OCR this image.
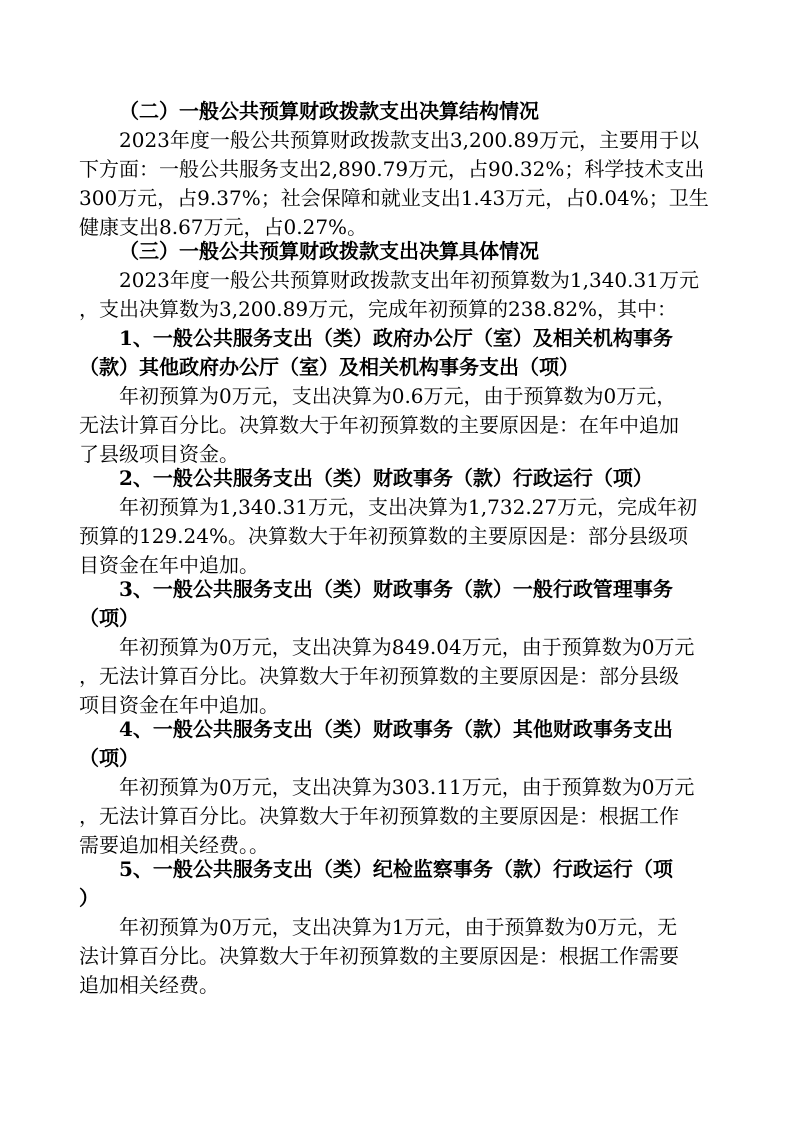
（二）一般公共预算财政拨款支出决算结构情况
2023年度一般公共预算财政拨款支出3,200.89万元，主要用于以
下方面：一般公共服务支出2,890.79万元，占90.32%；科学技术支出
300万元，占9.37%；社会保障和就业支出1.43万元，占0.04%；卫生
健康支出8.67万元，占0.27%。
（三）一般公共预算财政拨款支出决算具体情况
2023年度一般公共预算财政拨款支出年初预算数为1,340.31万元
，支出决算数为3,200.89万元，完成年初预算的238.82%，其中：
1、一般公共服务支出（类）政府办公厅（室）及相关机构事务
（款）其他政府办公厅（室）及相关机构事务支出（项）
年初预算为0万元，支出决算为0.6万元，由于预算数为0万元，
无法计算百分比。决算数大于年初预算数的主要原因是：在年中追加
了县级项目资金。
2、一般公共服务支出（类）财政事务（款）行政运行（项）
年初预算为1,340.31万元，支出决算为1,732.27万元，完成年初
预算的129.24%。决算数大于年初预算数的主要原因是：部分县级项
目资金在年中追加。
3、一般公共服务支出（类）财政事务（款）一般行政管理事务
（项）
年初预算为0万元，支出决算为849.04万元，由于预算数为0万元
，无法计算百分比。决算数大于年初预算数的主要原因是：部分县级
项目资金在年中追加。
4、一般公共服务支出（类）财政事务（款）其他财政事务支出
（项）
年初预算为0万元，支出决算为303.11万元，由于预算数为0万元
，无法计算百分比。决算数大于年初预算数的主要原因是：根据工作
需要追加相关经费。。
5、一般公共服务支出（类）纪检监察事务（款）行政运行（项
）
年初预算为0万元，支出决算为1万元，由于预算数为0万元，无
法计算百分比。决算数大于年初预算数的主要原因是：根据工作需要
追加相关经费。
